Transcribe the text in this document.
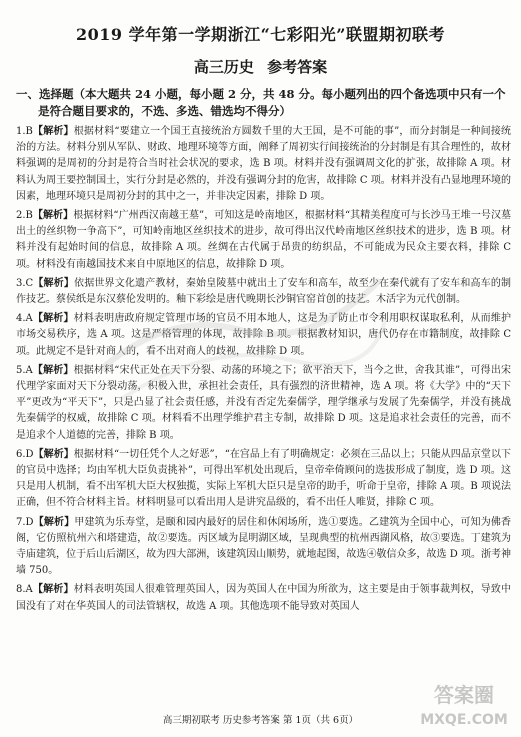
2019 学年第一学期浙江“七彩阳光”联盟期初联考
高三历史 参考答案
一、选择题（本大题共 24 小题，每小题 2 分，共 48 分。每小题列出的四个备选项中只有一个
是符合题目要求的，不选、多选、错选均不得分）

1.B【解析】根据材料“要建立一个国王直接统治方圆数千里的大王国，是不可能的事”，而分封制是一种间接统治的方法。材料分别从军队、财政、地理环境等方面，阐释了周初实行间接统治的分封制是有其合理性的，故材料强调的是周初的分封是符合当时社会状况的要求，选 B 项。材料并没有强调周文化的扩张，故排除 A 项。材料认为周王要控制国土，实行分封是必然的，并没有强调分封的危害，故排除 C 项。材料并没有凸显地理环境的因素，地理环境只是周初分封的其中之一，并非决定因素，排除 D 项。

2.B【解析】根据材料“广州西汉南越王墓”，可知这是岭南地区，根据材料“其精美程度可与长沙马王堆一号汉墓出土的丝织物一争高下”，可知岭南地区丝织技术的进步，故可得出汉代岭南地区丝织技术的进步，选 B 项。材料并没有起始时间的信息，故排除 A 项。丝绸在古代属于昂贵的纺织品，不可能成为民众主要衣料，排除 C 项。材料没有南越国技术来自中原地区的信息，故排除 D 项。

3.C【解析】依据世界文化遗产教材，秦始皇陵墓中就出土了安车和高车，故至少在秦代就有了安车和高车的制作技艺。蔡侯纸是东汉蔡伦发明的。釉下彩绘是唐代晚期长沙铜官窑首创的技艺。木活字为元代创制。

4.A【解析】材料表明唐政府规定管理市场的官员不用本地人，这是为了防止市令利用职权谋取私利，从而维护市场交易秩序，选 A 项。这是严格管理的体现，故排除 B 项。根据教材知识，唐代仍存在市籍制度，故排除 C 项。此规定不是针对商人的，看不出对商人的歧视，故排除 D 项。

5.A【解析】根据材料“宋代正处在天下分裂、动荡的环境之下；欲平治天下，当今之世，舍我其谁”，可得出宋代理学家面对天下分裂动荡，积极入世，承担社会责任，具有强烈的济世精神，选 A 项。将《大学》中的“天下平”更改为“平天下”，只是凸显了社会责任感，并没有否定先秦儒学，理学继承与发展了先秦儒学，并没有挑战先秦儒学的权威，故排除 C 项。材料看不出理学维护君主专制，故排除 D 项。这是追求社会责任的完善，而不是追求个人道德的完善，排除 B 项。

6.D【解析】根据材料“一切任凭个人之好恶”，“在宫品上有了明确规定：必须在三品以上；只能从四品京堂以下的官员中选择；均由军机大臣负责挑补”，可得出军机处出现后，皇帝牵倚顾问的选拔形成了制度，选 D 项。这只是用人机制，看不出军机大臣大权独揽，实际上军机大臣只是皇帝的助手，听命于皇帝，排除 A 项。B 项说法正确，但不符合材料主旨。材料明显可以看出用人是讲究品级的，看不出任人唯贤，排除 C 项。

7.D【解析】甲建筑为乐寿堂，是颐和园内最好的居住和休闲场所，选①要选。乙建筑为全国中心，可知为佛香阁，它仿照杭州六和塔建造，故②要选。丙区域为昆明湖区域，呈现典型的杭州西湖风格，故③要选。丁建筑为寺庙建筑，位于后山后湖区，故为四大部洲，该建筑因山顺势，就地起图，故选④敬信众多，故选 D 项。浙考神墙 750。

8.A【解析】材料表明英国人很难管理英国人，因为英国人在中国为所欲为，这主要是由于领事裁判权，导致中国没有了对在华英国人的司法管辖权，故选 A 项。其他选项不能导致对英国人

答案圈
MXQE.COM
高三期初联考 历史参考答案 第 1页（共 6页）
